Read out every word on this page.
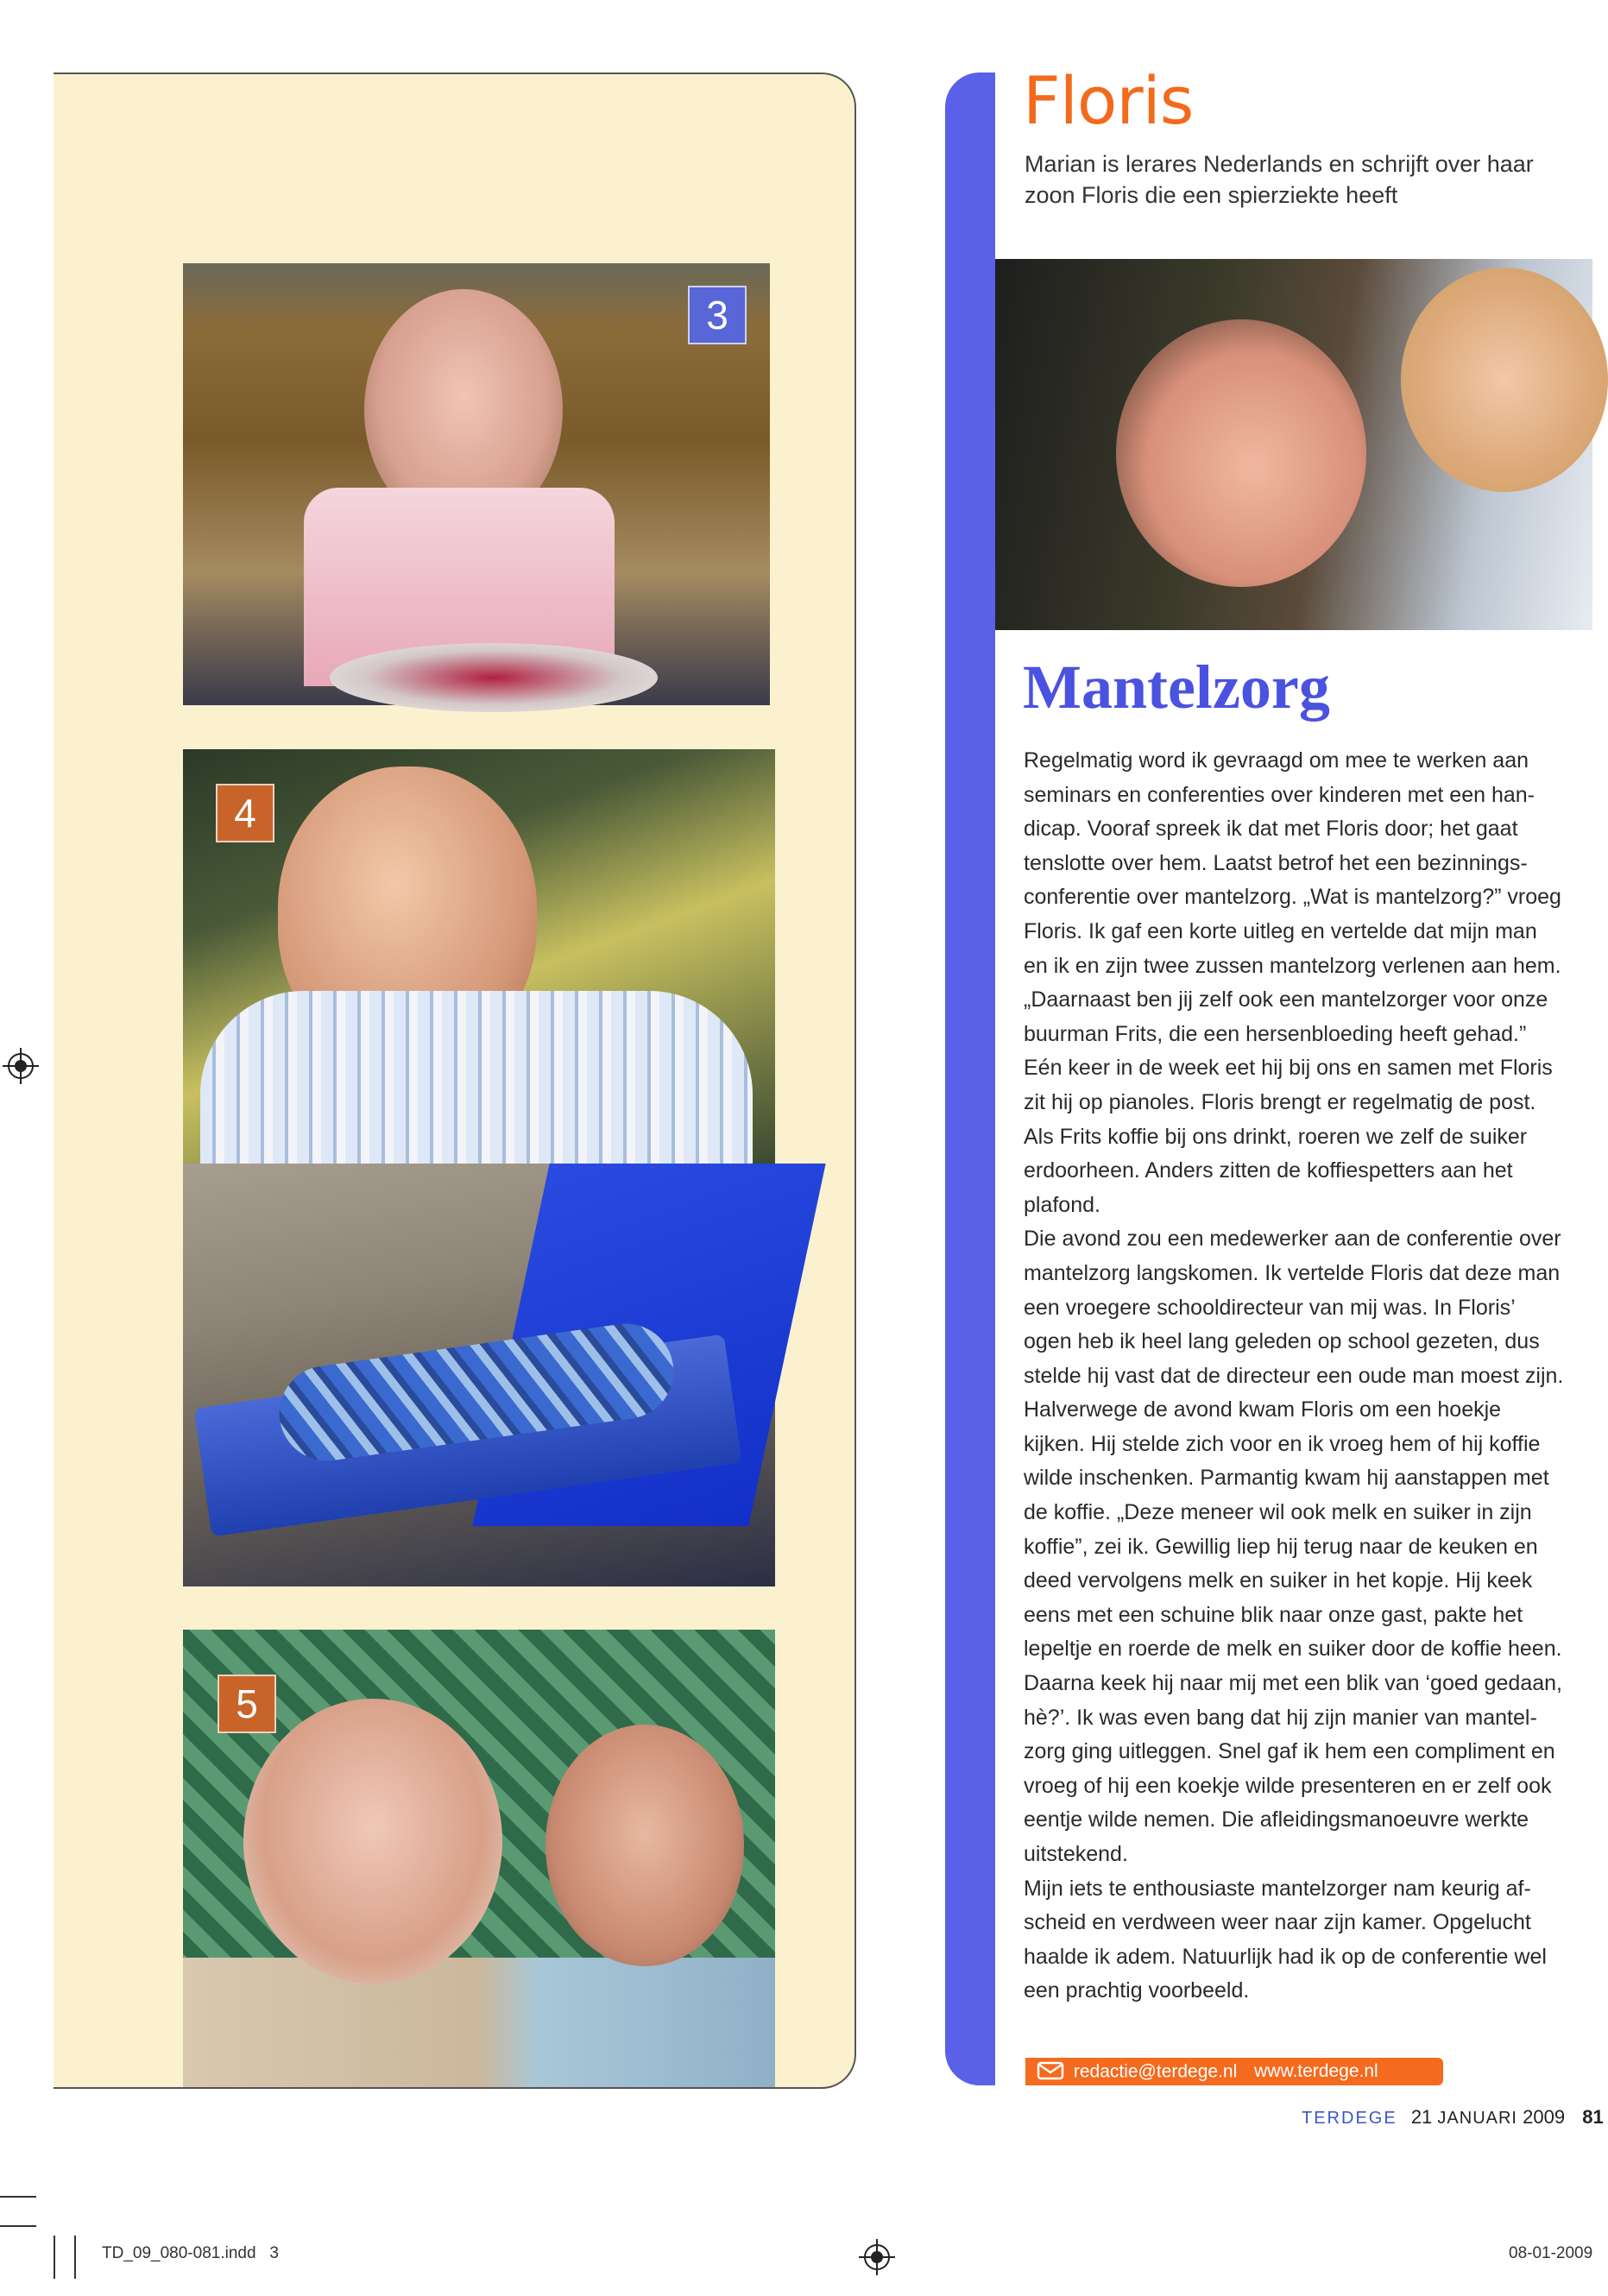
3
4
5
Floris
Marian is lerares Nederlands en schrijft over haar
zoon Floris die een spierziekte heeft
Mantelzorg
Regelmatig word ik gevraagd om mee te werken aan
seminars en conferenties over kinderen met een han-
dicap. Vooraf spreek ik dat met Floris door; het gaat
tenslotte over hem. Laatst betrof het een bezinnings-
conferentie over mantelzorg. „Wat is mantelzorg?” vroeg
Floris. Ik gaf een korte uitleg en vertelde dat mijn man
en ik en zijn twee zussen mantelzorg verlenen aan hem.
„Daarnaast ben jij zelf ook een mantelzorger voor onze
buurman Frits, die een hersenbloeding heeft gehad.”
Eén keer in de week eet hij bij ons en samen met Floris
zit hij op pianoles. Floris brengt er regelmatig de post.
Als Frits koffie bij ons drinkt, roeren we zelf de suiker
erdoorheen. Anders zitten de koffiespetters aan het
plafond.
Die avond zou een medewerker aan de conferentie over
mantelzorg langskomen. Ik vertelde Floris dat deze man
een vroegere schooldirecteur van mij was. In Floris’
ogen heb ik heel lang geleden op school gezeten, dus
stelde hij vast dat de directeur een oude man moest zijn.
Halverwege de avond kwam Floris om een hoekje
kijken. Hij stelde zich voor en ik vroeg hem of hij koffie
wilde inschenken. Parmantig kwam hij aanstappen met
de koffie. „Deze meneer wil ook melk en suiker in zijn
koffie”, zei ik. Gewillig liep hij terug naar de keuken en
deed vervolgens melk en suiker in het kopje. Hij keek
eens met een schuine blik naar onze gast, pakte het
lepeltje en roerde de melk en suiker door de koffie heen.
Daarna keek hij naar mij met een blik van ‘goed gedaan,
hè?’. Ik was even bang dat hij zijn manier van mantel-
zorg ging uitleggen. Snel gaf ik hem een compliment en
vroeg of hij een koekje wilde presenteren en er zelf ook
eentje wilde nemen. Die afleidingsmanoeuvre werkte
uitstekend.
Mijn iets te enthousiaste mantelzorger nam keurig af-
scheid en verdween weer naar zijn kamer. Opgelucht
haalde ik adem. Natuurlijk had ik op de conferentie wel
een prachtig voorbeeld.
redactie@terdege.nl www.terdege.nl
TERDEGE 21 JANUARI 2009 81
TD_09_080-081.indd   3	08-01-2009
